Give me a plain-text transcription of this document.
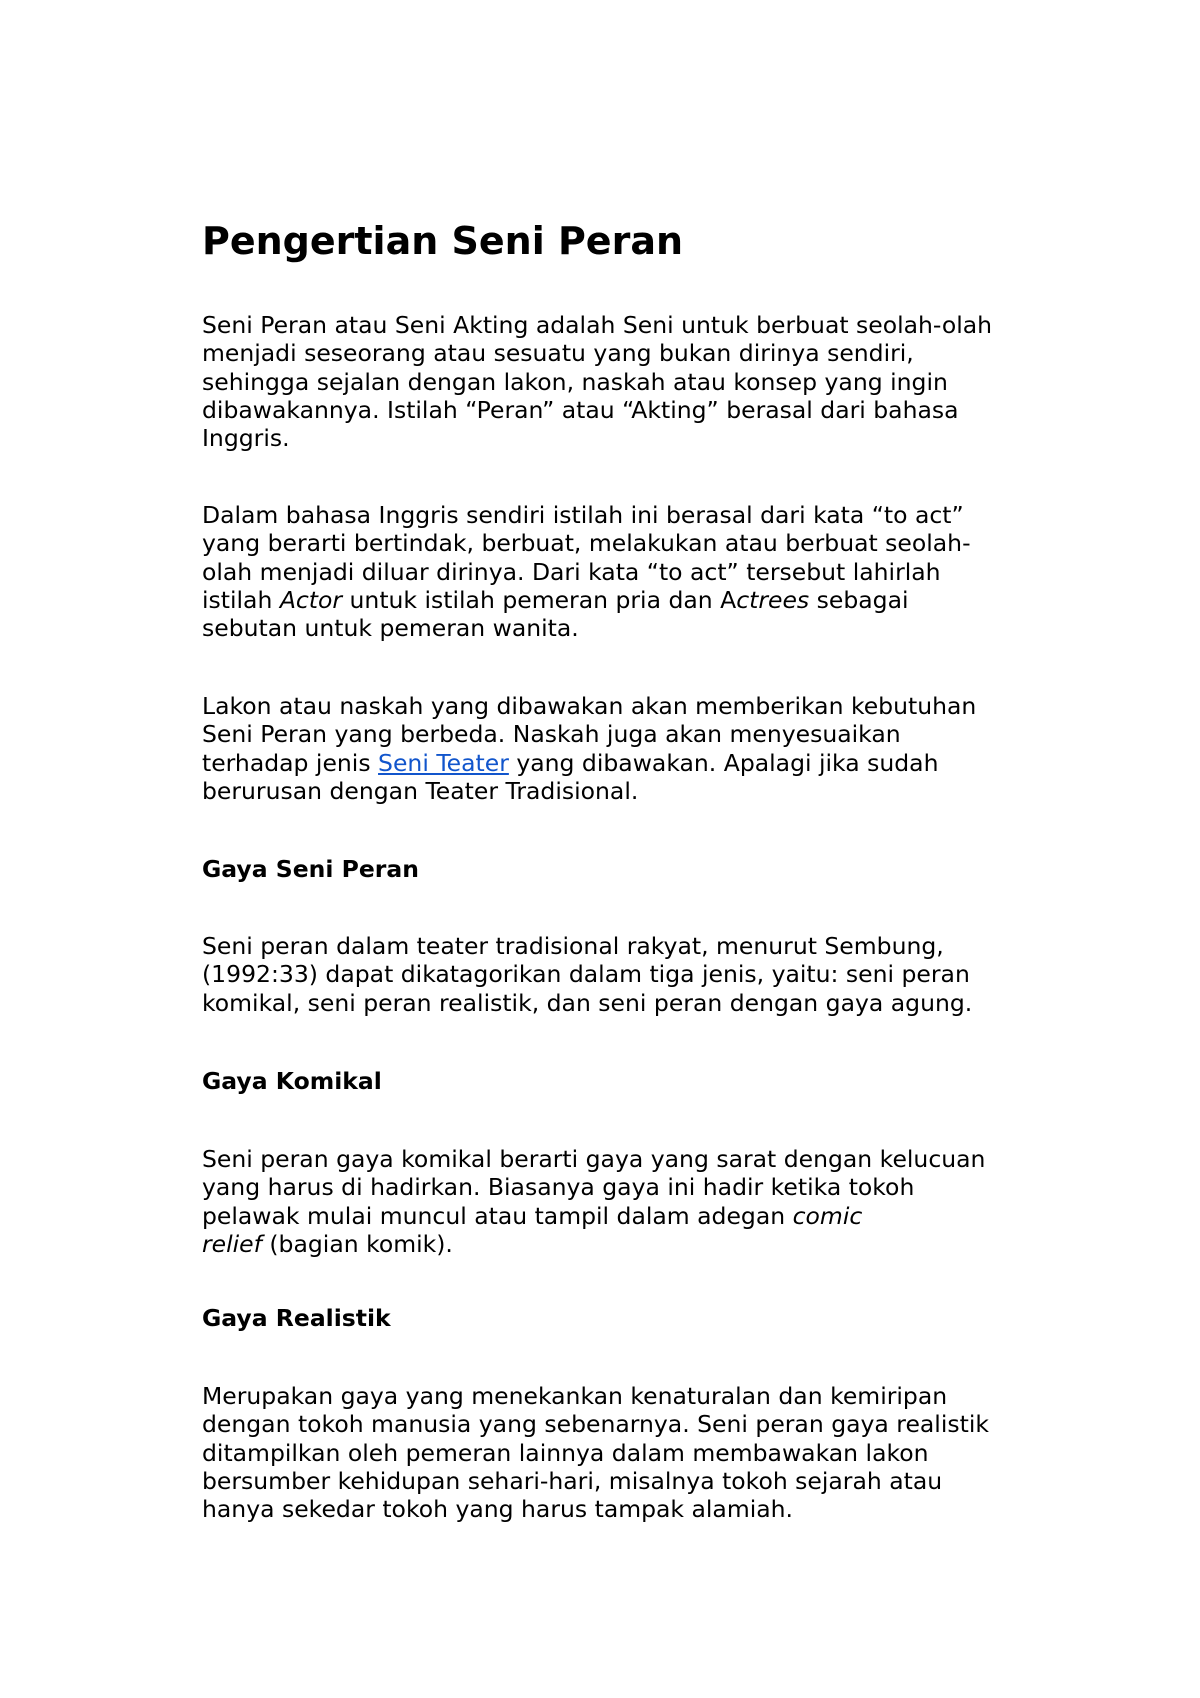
Pengertian Seni Peran

Seni Peran atau Seni Akting adalah Seni untuk berbuat seolah-olah
menjadi seseorang atau sesuatu yang bukan dirinya sendiri,
sehingga sejalan dengan lakon, naskah atau konsep yang ingin
dibawakannya. Istilah “Peran” atau “Akting” berasal dari bahasa
Inggris.

Dalam bahasa Inggris sendiri istilah ini berasal dari kata “to act”
yang berarti bertindak, berbuat, melakukan atau berbuat seolah-
olah menjadi diluar dirinya. Dari kata “to act” tersebut lahirlah
istilah Actor untuk istilah pemeran pria dan Actrees sebagai
sebutan untuk pemeran wanita.

Lakon atau naskah yang dibawakan akan memberikan kebutuhan
Seni Peran yang berbeda. Naskah juga akan menyesuaikan
terhadap jenis Seni Teater yang dibawakan. Apalagi jika sudah
berurusan dengan Teater Tradisional.

Gaya Seni Peran

Seni peran dalam teater tradisional rakyat, menurut Sembung,
(1992:33) dapat dikatagorikan dalam tiga jenis, yaitu: seni peran
komikal, seni peran realistik, dan seni peran dengan gaya agung.

Gaya Komikal

Seni peran gaya komikal berarti gaya yang sarat dengan kelucuan
yang harus di hadirkan. Biasanya gaya ini hadir ketika tokoh
pelawak mulai muncul atau tampil dalam adegan comic
relief (bagian komik).

Gaya Realistik

Merupakan gaya yang menekankan kenaturalan dan kemiripan
dengan tokoh manusia yang sebenarnya. Seni peran gaya realistik
ditampilkan oleh pemeran lainnya dalam membawakan lakon
bersumber kehidupan sehari-hari, misalnya tokoh sejarah atau
hanya sekedar tokoh yang harus tampak alamiah.
